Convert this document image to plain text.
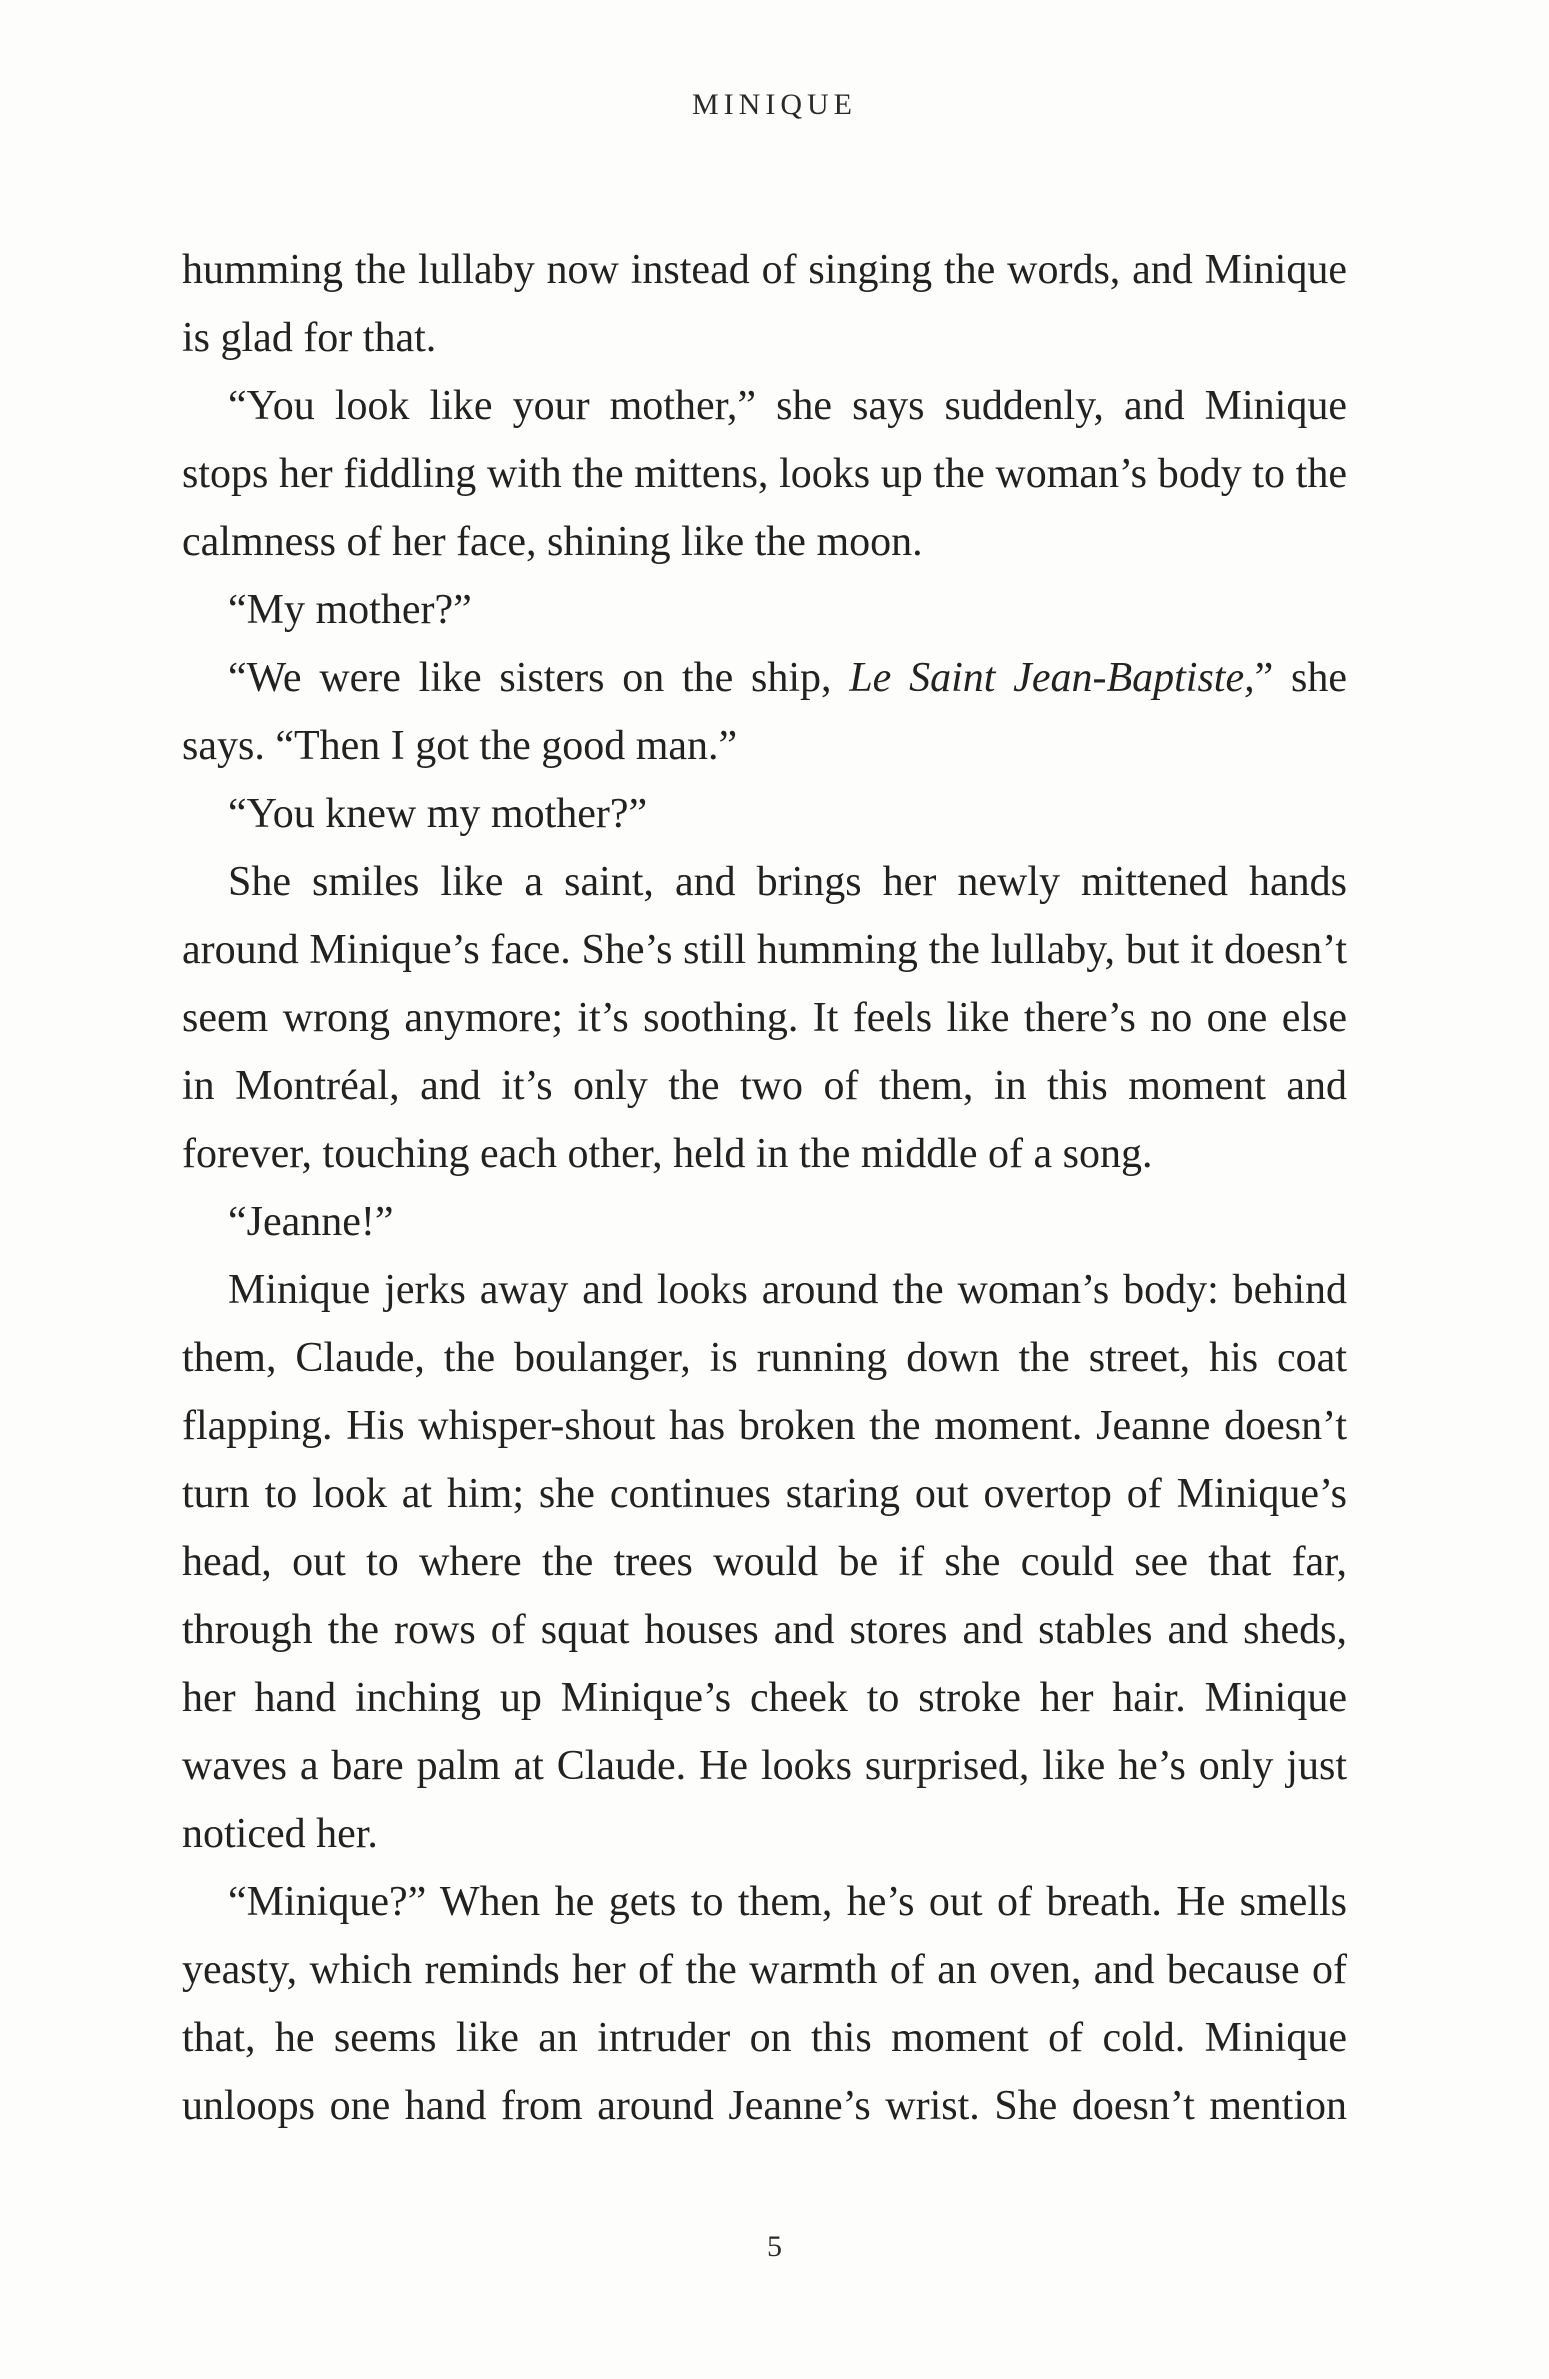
MINIQUE

humming the lullaby now instead of singing the words, and Minique is glad for that.

“You look like your mother,” she says suddenly, and Minique stops her fiddling with the mittens, looks up the woman’s body to the calmness of her face, shining like the moon.

“My mother?”

“We were like sisters on the ship, Le Saint Jean-Baptiste,” she says. “Then I got the good man.”

“You knew my mother?”

She smiles like a saint, and brings her newly mittened hands around Minique’s face. She’s still humming the lullaby, but it doesn’t seem wrong anymore; it’s soothing. It feels like there’s no one else in Montréal, and it’s only the two of them, in this moment and forever, touching each other, held in the middle of a song.

“Jeanne!”

Minique jerks away and looks around the woman’s body: behind them, Claude, the boulanger, is running down the street, his coat flapping. His whisper-shout has broken the moment. Jeanne doesn’t turn to look at him; she continues staring out overtop of Minique’s head, out to where the trees would be if she could see that far, through the rows of squat houses and stores and stables and sheds, her hand inching up Minique’s cheek to stroke her hair. Minique waves a bare palm at Claude. He looks surprised, like he’s only just noticed her.

“Minique?” When he gets to them, he’s out of breath. He smells yeasty, which reminds her of the warmth of an oven, and because of that, he seems like an intruder on this moment of cold. Minique unloops one hand from around Jeanne’s wrist. She doesn’t mention

5
